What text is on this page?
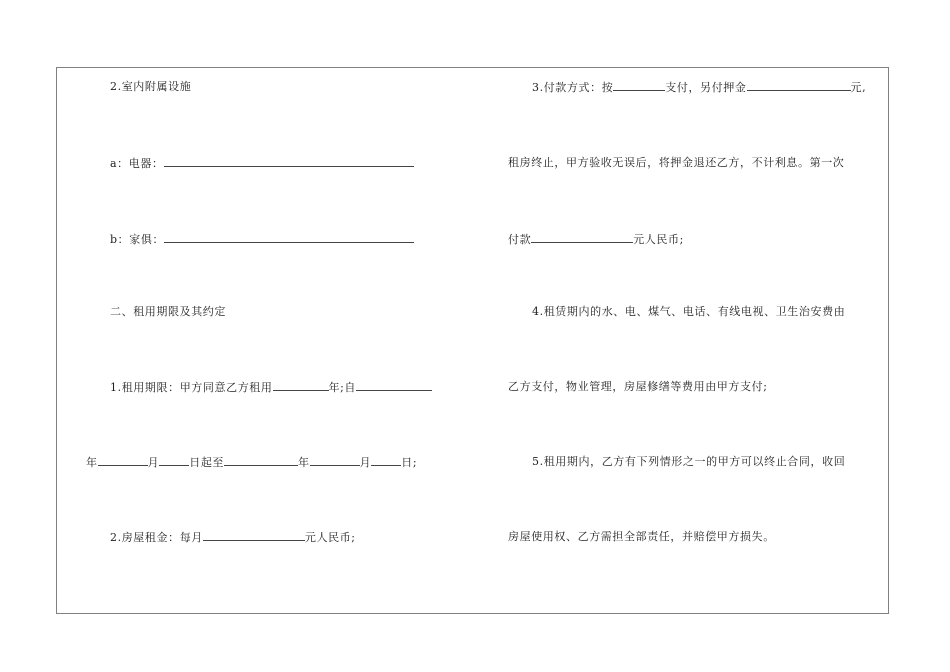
2.室内附属设施
a：电器：
b：家俱：
二、租用期限及其约定
1.租用期限：甲方同意乙方租用	年;自
年	月	日起至	年	月	日;
2.房屋租金：每月	元人民币;
3.付款方式：按	支付，另付押金	元,
租房终止，甲方验收无误后，将押金退还乙方，不计利息。第一次
付款	元人民币;
4.租赁期内的水、电、煤气、电话、有线电视、卫生治安费由
乙方支付，物业管理，房屋修缮等费用由甲方支付;
5.租用期内，乙方有下列情形之一的甲方可以终止合同，收回
房屋使用权、乙方需担全部责任，并赔偿甲方损失。
